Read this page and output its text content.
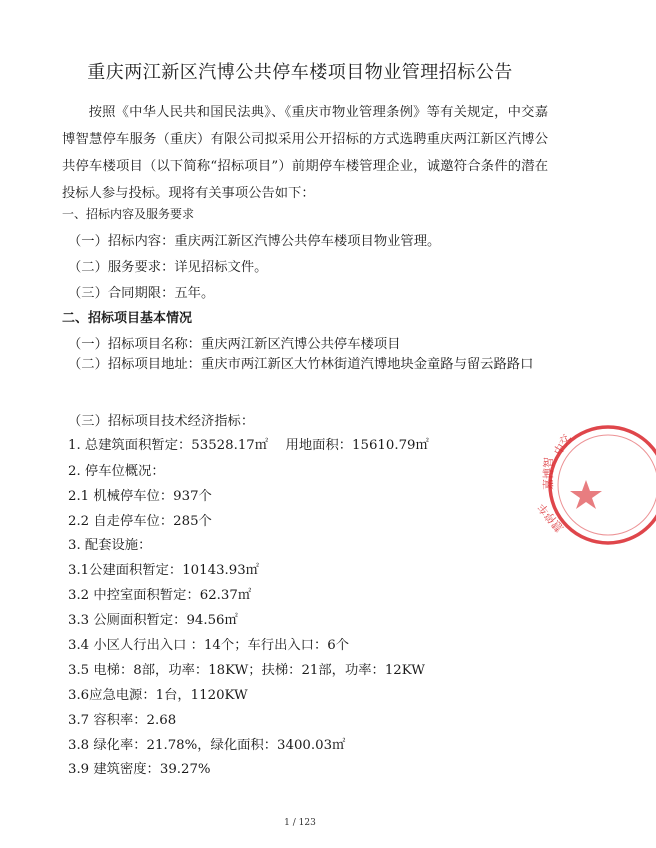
重庆两江新区汽博公共停车楼项目物业管理招标公告
按照《中华人民共和国民法典》、《重庆市物业管理条例》等有关规定，中交嘉博智慧停车服务（重庆）有限公司拟采用公开招标的方式选聘重庆两江新区汽博公共停车楼项目（以下简称“招标项目”）前期停车楼管理企业，诚邀符合条件的潜在投标人参与投标。现将有关事项公告如下：
一、招标内容及服务要求
（一）招标内容：重庆两江新区汽博公共停车楼项目物业管理。
（二）服务要求：详见招标文件。
（三）合同期限：五年。
二、招标项目基本情况
（一）招标项目名称：重庆两江新区汽博公共停车楼项目
（二）招标项目地址：重庆市两江新区大竹林街道汽博地块金童路与留云路路口
（三）招标项目技术经济指标：
1. 总建筑面积暂定：53528.17㎡　 用地面积：15610.79㎡
2. 停车位概况：
2.1 机械停车位：937个
2.2 自走停车位：285个
3. 配套设施：
3.1公建面积暂定：10143.93㎡
3.2 中控室面积暂定：62.37㎡
3.3 公厕面积暂定：94.56㎡
3.4 小区人行出入口 ：14个；车行出入口：6个
3.5 电梯：8部，功率：18KW；扶梯：21部，功率：12KW
3.6应急电源：1台，1120KW
3.7 容积率：2.68
3.8 绿化率：21.78%，绿化面积：3400.03㎡
3.9 建筑密度：39.27%
1 / 123
中交
嘉博智
慧停车
